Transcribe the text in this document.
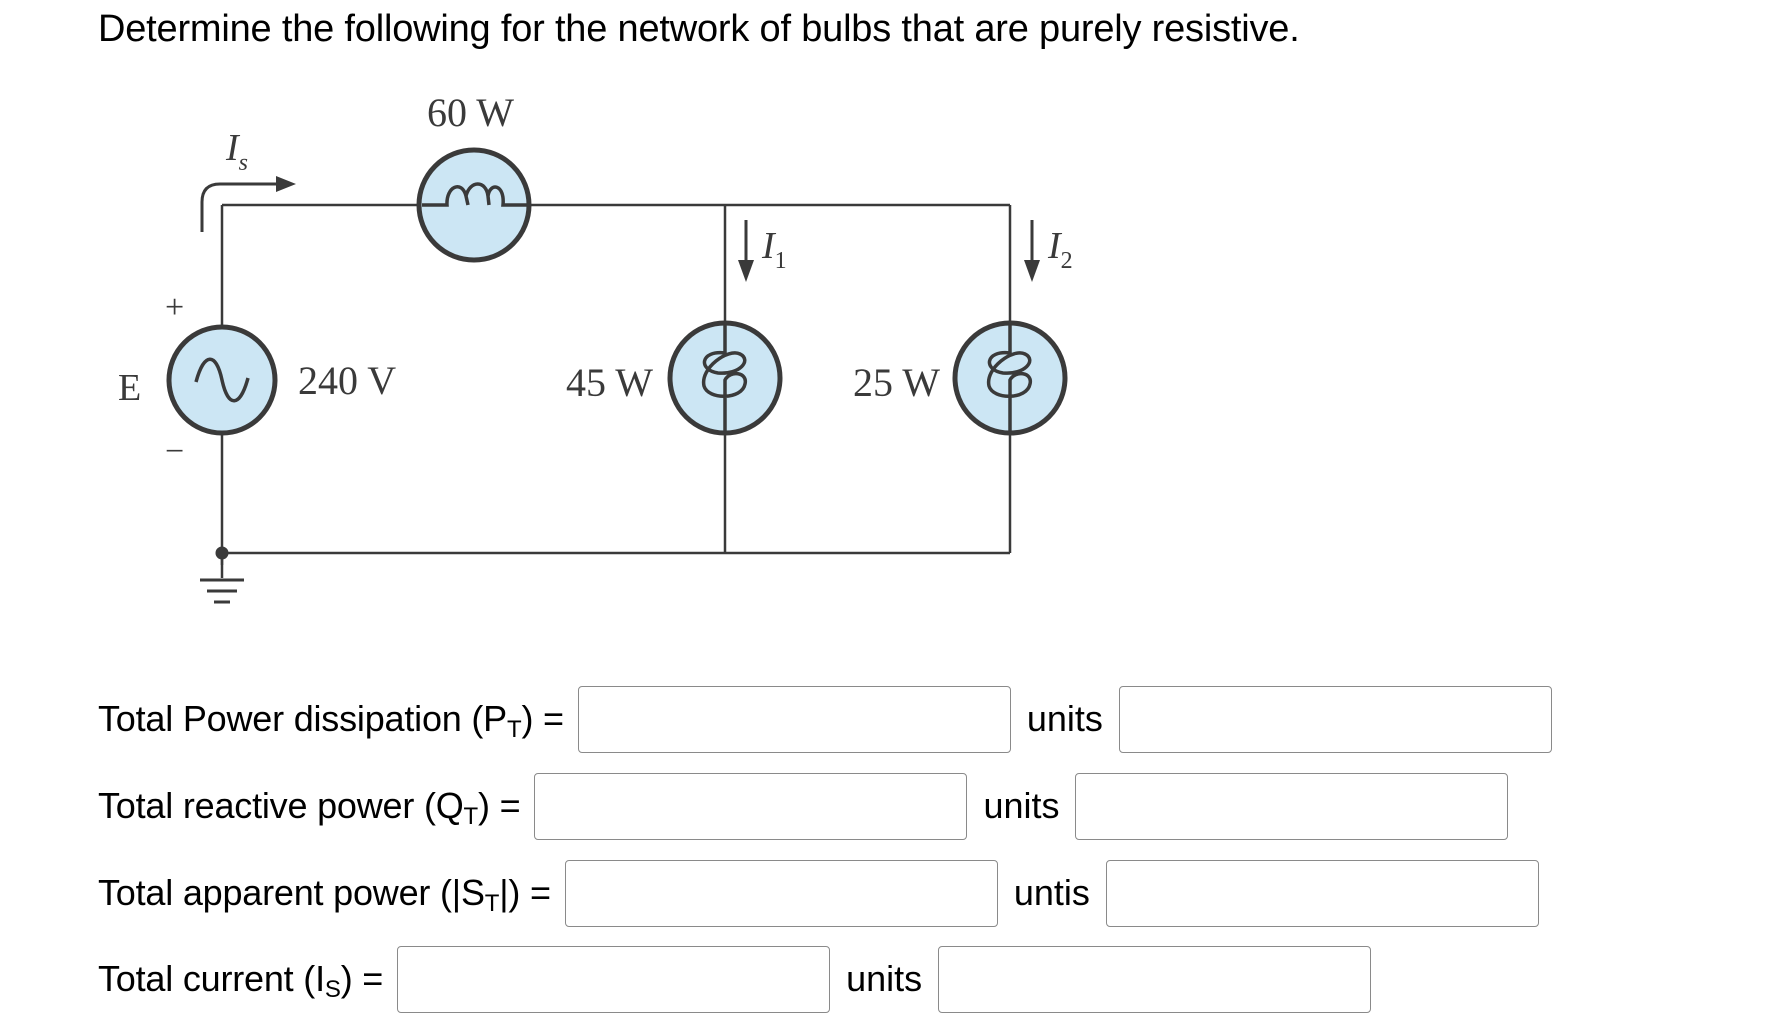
Determine the following for the network of bulbs that are purely resistive.
60 W
240 V	45 W	25 W
E
+
−
$I_s$
$I_1$	$I_2$
Total Power dissipation $(P_T)$ =	units
Total reactive power $(Q_T)$ =	units
Total apparent power $(|S_T|)$ =	untis
Total current $(I_S)$ =	units
